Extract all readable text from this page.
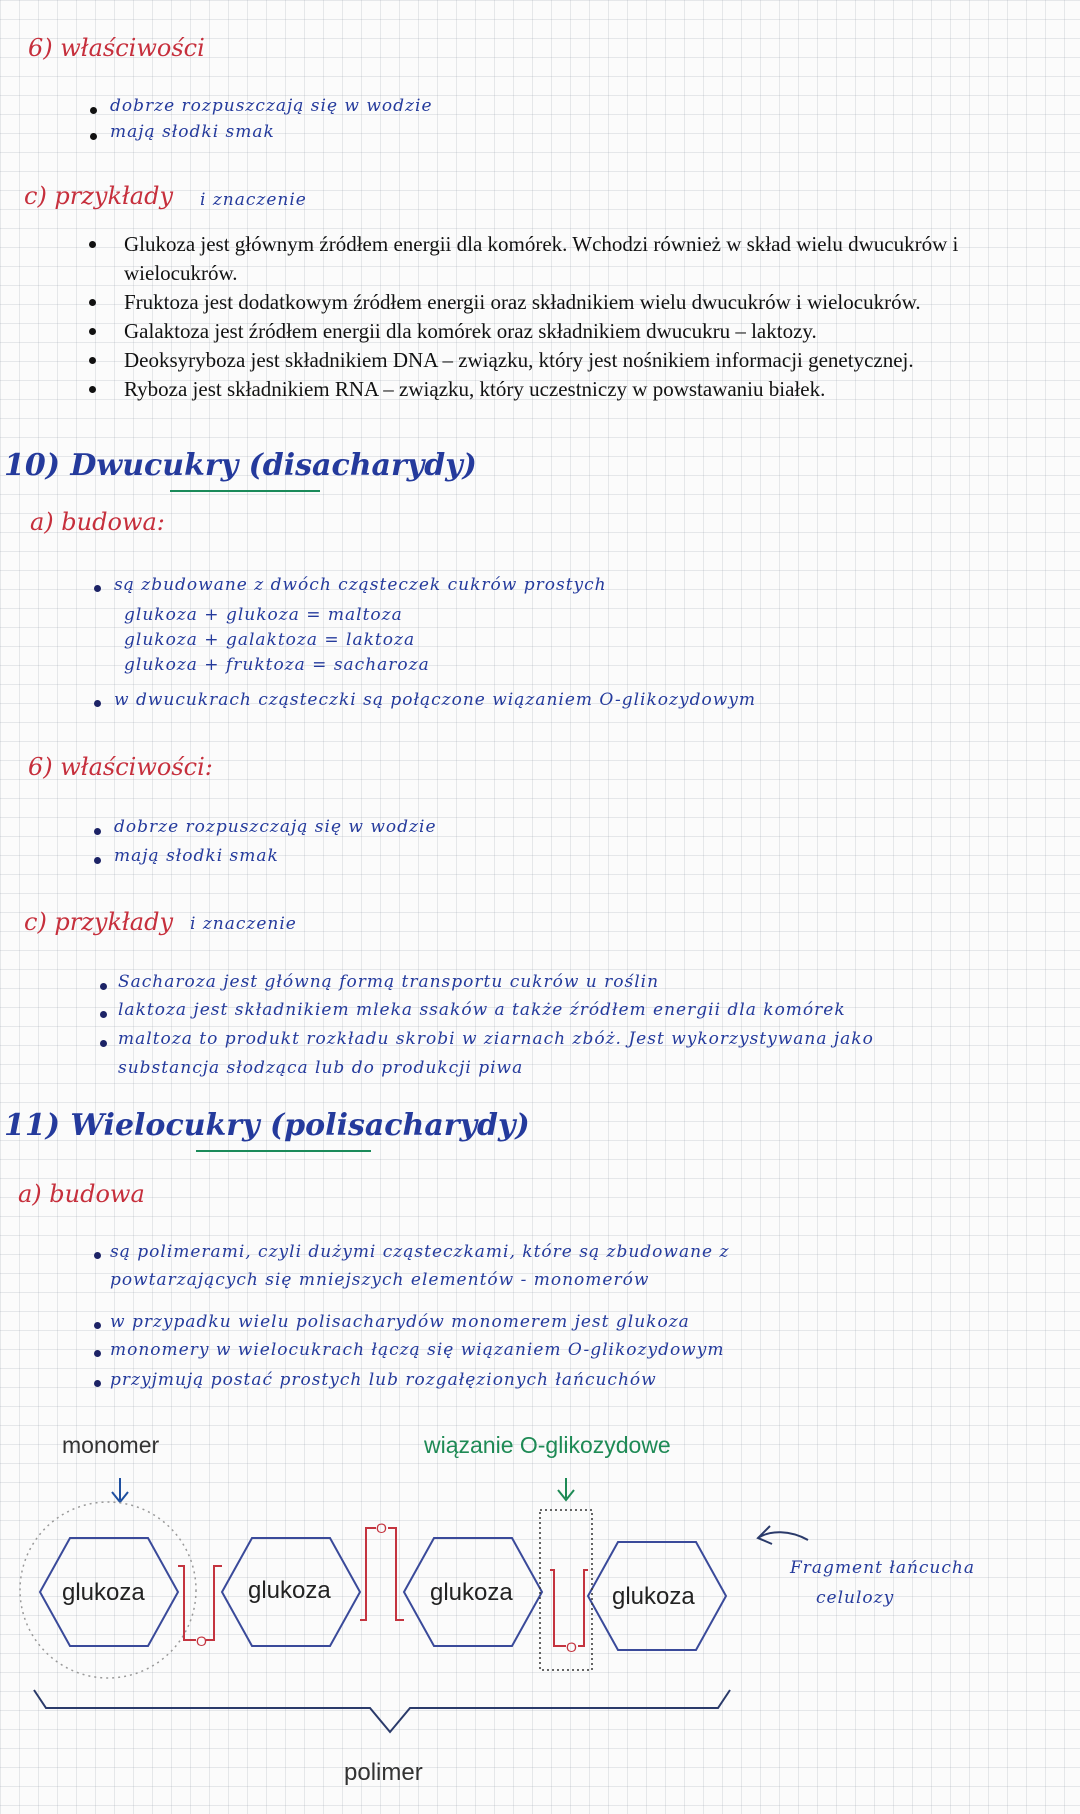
6) właściwości
dobrze rozpuszczają się w wodzie
mają słodki smak
c) przykłady i znaczenie
Glukoza jest głównym źródłem energii dla komórek. Wchodzi również w skład wielu dwucukrów i wielocukrów.
Fruktoza jest dodatkowym źródłem energii oraz składnikiem wielu dwucukrów i wielocukrów.
Galaktoza jest źródłem energii dla komórek oraz składnikiem dwucukru – laktozy.
Deoksyryboza jest składnikiem DNA – związku, który jest nośnikiem informacji genetycznej.
Ryboza jest składnikiem RNA – związku, który uczestniczy w powstawaniu białek.
10) Dwucukry (disacharydy)
a) budowa:
są zbudowane z dwóch cząsteczek cukrów prostych
glukoza + glukoza = maltoza
glukoza + galaktoza = laktoza
glukoza + fruktoza = sacharoza
w dwucukrach cząsteczki są połączone wiązaniem O-glikozydowym
6) właściwości:
dobrze rozpuszczają się w wodzie
mają słodki smak
c) przykłady i znaczenie
Sacharoza jest główną formą transportu cukrów u roślin
laktoza jest składnikiem mleka ssaków a także źródłem energii dla komórek
maltoza to produkt rozkładu skrobi w ziarnach zbóż. Jest wykorzystywana jako
substancja słodząca lub do produkcji piwa
11) Wielocukry (polisacharydy)
a) budowa
są polimerami, czyli dużymi cząsteczkami, które są zbudowane z
powtarzających się mniejszych elementów - monomerów
w przypadku wielu polisacharydów monomerem jest glukoza
monomery w wielocukrach łączą się wiązaniem O-glikozydowym
przyjmują postać prostych lub rozgałęzionych łańcuchów
monomer	wiązanie O-glikozydowe
glukoza	glukoza	glukoza	glukoza
O
O
O
polimer
Fragment łańcucha
celulozy
